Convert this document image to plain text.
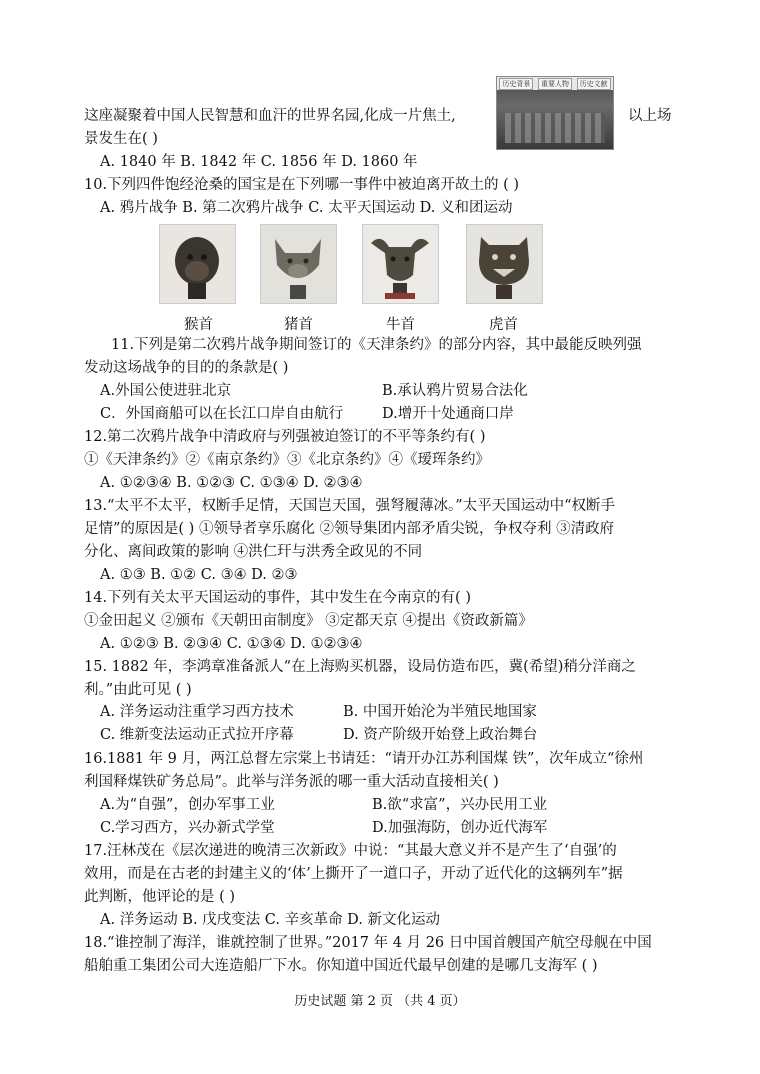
这座凝聚着中国人民智慧和血汗的世界名园,化成一片焦土,
历史背景	重要人物	历史文献
以上场
景发生在( )
A. 1840 年 B. 1842 年 C. 1856 年 D. 1860 年
10.下列四件饱经沧桑的国宝是在下列哪一事件中被迫离开故土的 ( )
A. 鸦片战争 B. 第二次鸦片战争 C. 太平天国运动 D. 义和团运动
猴首	猪首	牛首	虎首
11.下列是第二次鸦片战争期间签订的《天津条约》的部分内容，其中最能反映列强
发动这场战争的目的的条款是( )
A.外国公使进驻北京	B.承认鸦片贸易合法化
C．外国商船可以在长江口岸自由航行	D.增开十处通商口岸
12.第二次鸦片战争中清政府与列强被迫签订的不平等条约有( )
①《天津条约》②《南京条约》③《北京条约》④《瑷珲条约》
A. ①②③④ B. ①②③ C. ①③④ D. ②③④
13.“太平不太平，权断手足情，天国岂天国，强弩履薄冰。”太平天国运动中“权断手
足情”的原因是( ) ①领导者享乐腐化 ②领导集团内部矛盾尖锐，争权夺利 ③清政府
分化、离间政策的影响 ④洪仁玕与洪秀全政见的不同
A. ①③ B. ①② C. ③④ D. ②③
14.下列有关太平天国运动的事件，其中发生在今南京的有( )
①金田起义 ②颁布《天朝田亩制度》 ③定都天京 ④提出《资政新篇》
A. ①②③ B. ②③④ C. ①③④ D. ①②③④
15. 1882 年，李鸿章准备派人“在上海购买机器，设局仿造布匹，冀(希望)稍分洋商之
利。”由此可见 ( )
A. 洋务运动注重学习西方技术	B. 中国开始沦为半殖民地国家
C. 维新变法运动正式拉开序幕	D. 资产阶级开始登上政治舞台
16.1881 年 9 月，两江总督左宗棠上书请廷：“请开办江苏利国煤 铁”，次年成立“徐州
利国释煤铁矿务总局”。此举与洋务派的哪一重大活动直接相关( )
A.为“自强”，创办军事工业	B.欲“求富”，兴办民用工业
C.学习西方，兴办新式学堂	D.加强海防，创办近代海军
17.汪林茂在《层次递进的晚清三次新政》中说：“其最大意义并不是产生了‘自强’的
效用，而是在古老的封建主义的‘体’上撕开了一道口子，开动了近代化的这辆列车”据
此判断，他评论的是 ( )
A. 洋务运动 B. 戊戌变法 C. 辛亥革命 D. 新文化运动
18.“谁控制了海洋，谁就控制了世界。”2017 年 4 月 26 日中国首艘国产航空母舰在中国
船舶重工集团公司大连造船厂下水。你知道中国近代最早创建的是哪几支海军 ( )
历史试题 第 2 页 （共 4 页）
